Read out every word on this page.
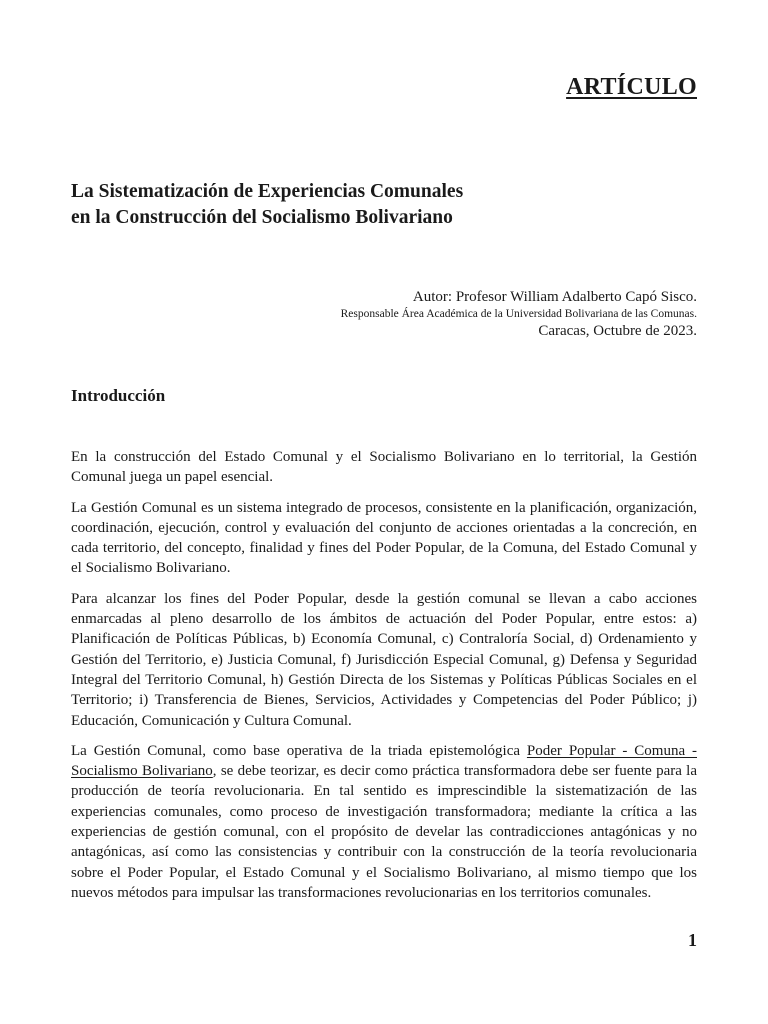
ARTÍCULO
La Sistematización de Experiencias Comunales
en la Construcción del Socialismo Bolivariano
Autor: Profesor William Adalberto Capó Sisco.
Responsable Área Académica de la Universidad Bolivariana de las Comunas.
Caracas, Octubre de 2023.
Introducción

En la construcción del Estado Comunal y el Socialismo Bolivariano en lo territorial, la Gestión Comunal juega un papel esencial.

La Gestión Comunal es un sistema integrado de procesos, consistente en la planificación, organización, coordinación, ejecución, control y evaluación del conjunto de acciones orientadas a la concreción, en cada territorio, del concepto, finalidad y fines del Poder Popular, de la Comuna, del Estado Comunal y el Socialismo Bolivariano.

Para alcanzar los fines del Poder Popular, desde la gestión comunal se llevan a cabo acciones enmarcadas al pleno desarrollo de los ámbitos de actuación del Poder Popular, entre estos: a) Planificación de Políticas Públicas, b) Economía Comunal, c) Contraloría Social, d) Ordenamiento y Gestión del Territorio, e) Justicia Comunal, f) Jurisdicción Especial Comunal, g) Defensa y Seguridad Integral del Territorio Comunal, h) Gestión Directa de los Sistemas y Políticas Públicas Sociales en el Territorio; i) Transferencia de Bienes, Servicios, Actividades y Competencias del Poder Público; j) Educación, Comunicación y Cultura Comunal.

La Gestión Comunal, como base operativa de la triada epistemológica Poder Popular - Comuna - Socialismo Bolivariano, se debe teorizar, es decir como práctica transformadora debe ser fuente para la producción de teoría revolucionaria. En tal sentido es imprescindible la sistematización de las experiencias comunales, como proceso de investigación transformadora; mediante la crítica a las experiencias de gestión comunal, con el propósito de develar las contradicciones antagónicas y no antagónicas, así como las consistencias y contribuir con la construcción de la teoría revolucionaria sobre el Poder Popular, el Estado Comunal y el Socialismo Bolivariano, al mismo tiempo que los nuevos métodos para impulsar las transformaciones revolucionarias en los territorios comunales.

1
